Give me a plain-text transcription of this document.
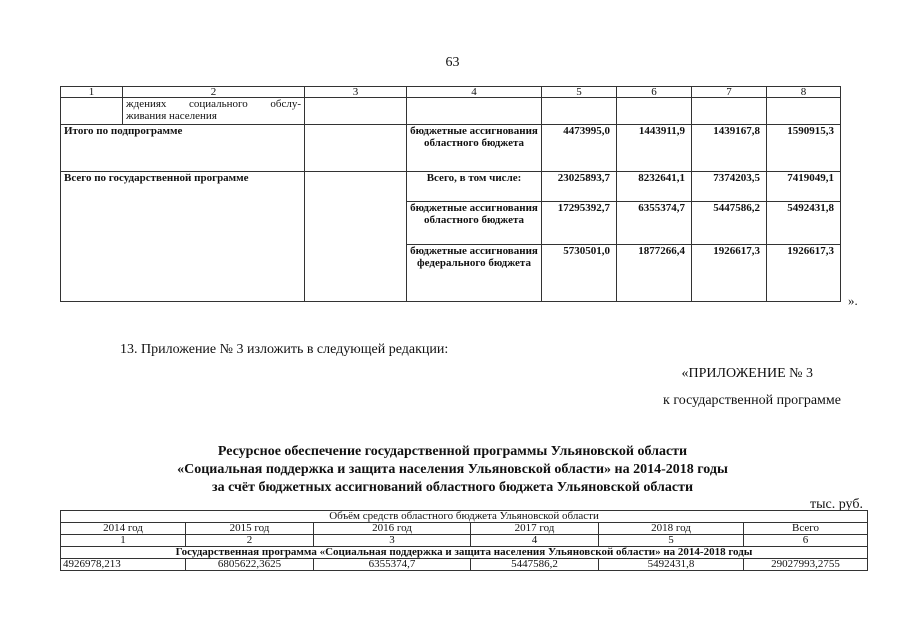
63
1	2	3	4	5	6	7	8
	ждениях социального обслу-живания населения						
Итого по подпрограмме			бюджетные ассигнования областного бюджета	4473995,0	1443911,9	1439167,8	1590915,3
Всего по государственной программе			Всего, в том числе:	23025893,7	8232641,1	7374203,5	7419049,1
			бюджетные ассигнования областного бюджета	17295392,7	6355374,7	5447586,2	5492431,8
			бюджетные ассигнования федерального бюджета	5730501,0	1877266,4	1926617,3	1926617,3
».
13. Приложение № 3 изложить в следующей редакции:
«ПРИЛОЖЕНИЕ № 3
к государственной программе
Ресурсное обеспечение государственной программы Ульяновской области
«Социальная поддержка и защита населения Ульяновской области» на 2014-2018 годы
за счёт бюджетных ассигнований областного бюджета Ульяновской области
тыс. руб.
Объём средств областного бюджета Ульяновской области					
2014 год	2015 год	2016 год	2017 год	2018 год	Всего
1	2	3	4	5	6
Государственная программа «Социальная поддержка и защита населения Ульяновской области» на 2014-2018 годы					
4926978,213	6805622,3625	6355374,7	5447586,2	5492431,8	29027993,2755
